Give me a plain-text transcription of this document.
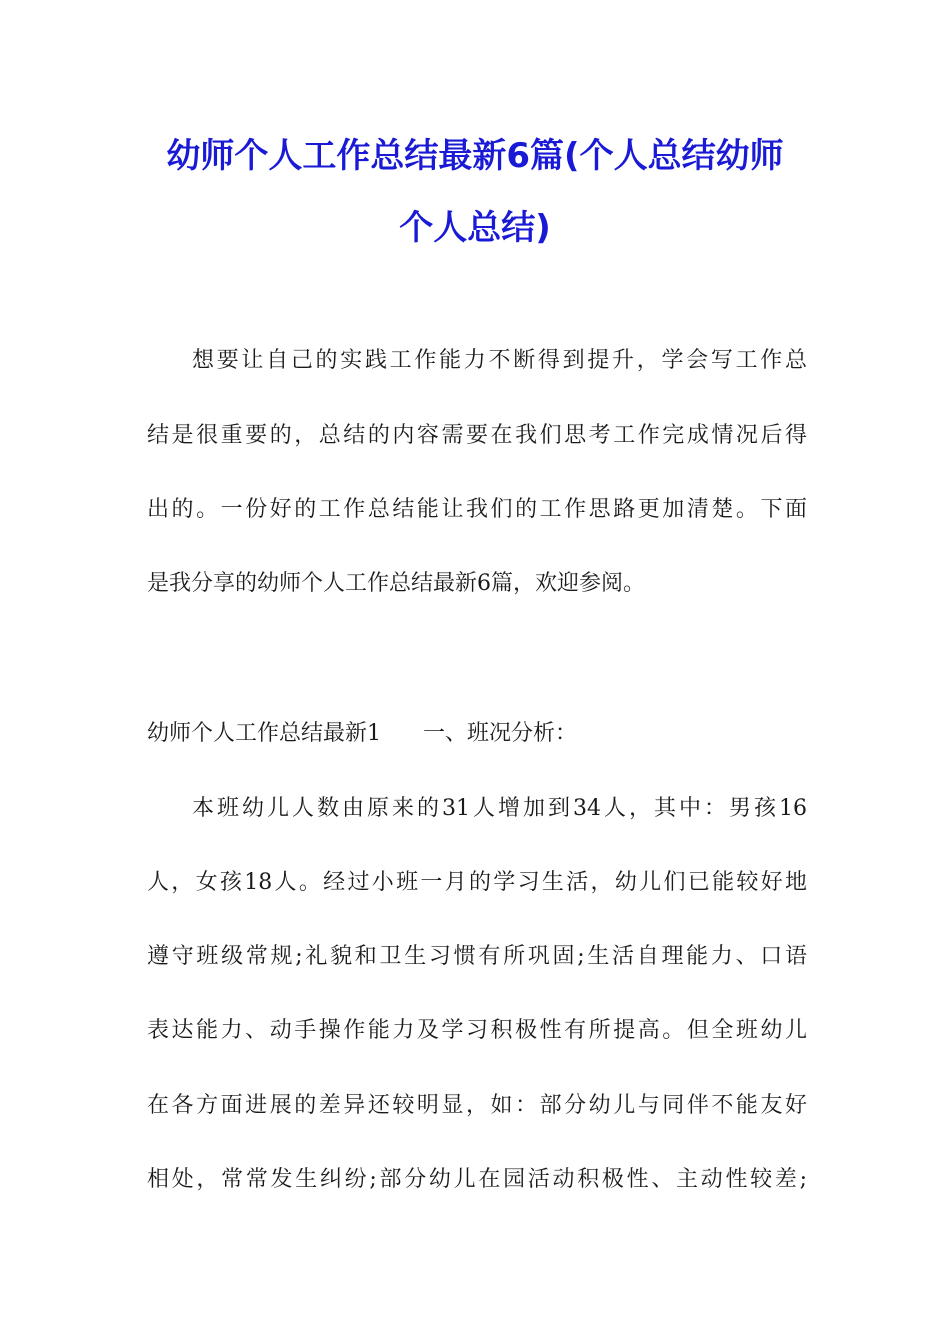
幼师个人工作总结最新6篇(个人总结幼师
个人总结)
想要让自己的实践工作能力不断得到提升，学会写工作总
结是很重要的，总结的内容需要在我们思考工作完成情况后得
出的。一份好的工作总结能让我们的工作思路更加清楚。下面
是我分享的幼师个人工作总结最新6篇，欢迎参阅。
幼师个人工作总结最新1 一、班况分析：
本班幼儿人数由原来的31人增加到34人，其中：男孩16
人，女孩18人。经过小班一月的学习生活，幼儿们已能较好地
遵守班级常规;礼貌和卫生习惯有所巩固;生活自理能力、口语
表达能力、动手操作能力及学习积极性有所提高。但全班幼儿
在各方面进展的差异还较明显，如：部分幼儿与同伴不能友好
相处，常常发生纠纷;部分幼儿在园活动积极性、主动性较差;
